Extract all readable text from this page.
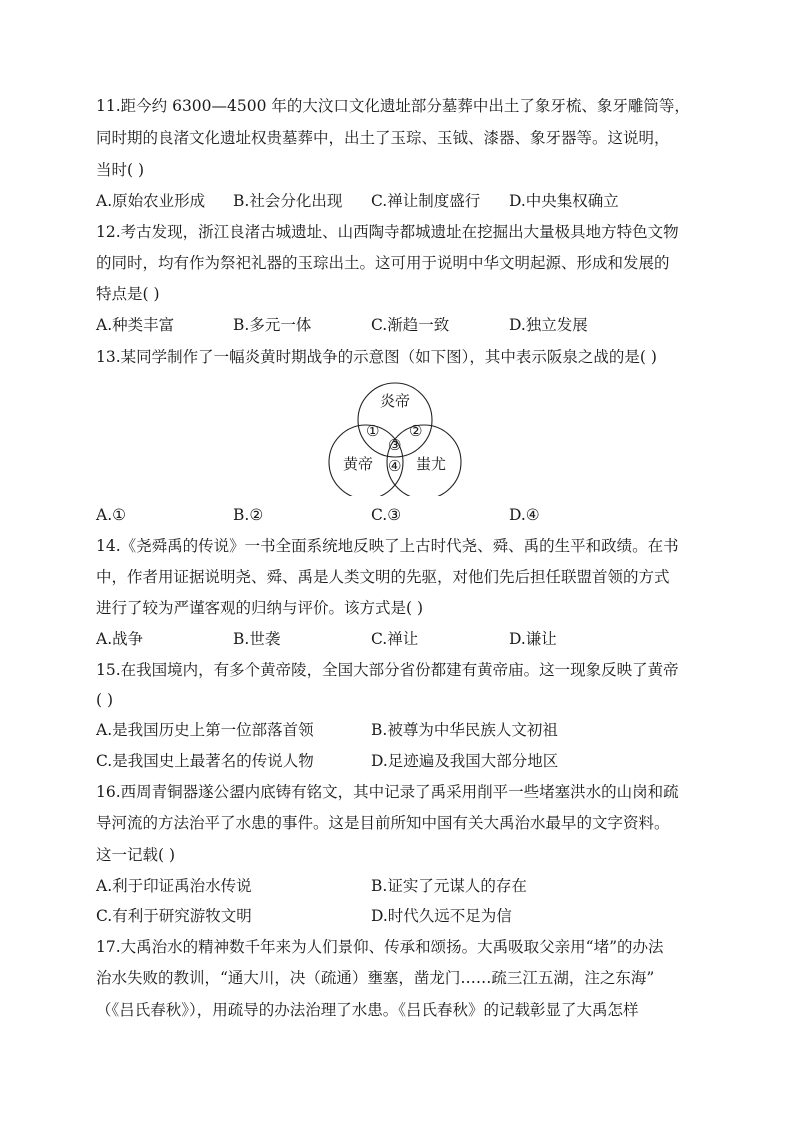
11.距今约 6300—4500 年的大汶口文化遗址部分墓葬中出土了象牙梳、象牙雕筒等，
同时期的良渚文化遗址权贵墓葬中，出土了玉琮、玉钺、漆器、象牙器等。这说明，
当时( )
A.原始农业形成 B.社会分化出现 C.禅让制度盛行 D.中央集权确立
12.考古发现，浙江良渚古城遗址、山西陶寺都城遗址在挖掘出大量极具地方特色文物
的同时，均有作为祭祀礼器的玉琮出土。这可用于说明中华文明起源、形成和发展的
特点是( )
A.种类丰富	B.多元一体	C.渐趋一致	D.独立发展
13.某同学制作了一幅炎黄时期战争的示意图（如下图），其中表示阪泉之战的是( )
炎帝
黄帝	蚩尤
① ②
③
④
A.①	B.②	C.③	D.④
14.《尧舜禹的传说》一书全面系统地反映了上古时代尧、舜、禹的生平和政绩。在书
中，作者用证据说明尧、舜、禹是人类文明的先驱，对他们先后担任联盟首领的方式
进行了较为严谨客观的归纳与评价。该方式是( )
A.战争	B.世袭	C.禅让	D.谦让
15.在我国境内，有多个黄帝陵，全国大部分省份都建有黄帝庙。这一现象反映了黄帝
( )
A.是我国历史上第一位部落首领	B.被尊为中华民族人文初祖
C.是我国史上最著名的传说人物	D.足迹遍及我国大部分地区
16.西周青铜器遂公盨内底铸有铭文，其中记录了禹采用削平一些堵塞洪水的山岗和疏
导河流的方法治平了水患的事件。这是目前所知中国有关大禹治水最早的文字资料。
这一记载( )
A.利于印证禹治水传说	B.证实了元谋人的存在
C.有利于研究游牧文明	D.时代久远不足为信
17.大禹治水的精神数千年来为人们景仰、传承和颂扬。大禹吸取父亲用“堵”的办法
治水失败的教训，“通大川，决（疏通）壅塞，凿龙门……疏三江五湖，注之东海”
（《吕氏春秋》），用疏导的办法治理了水患。《吕氏春秋》的记载彰显了大禹怎样
